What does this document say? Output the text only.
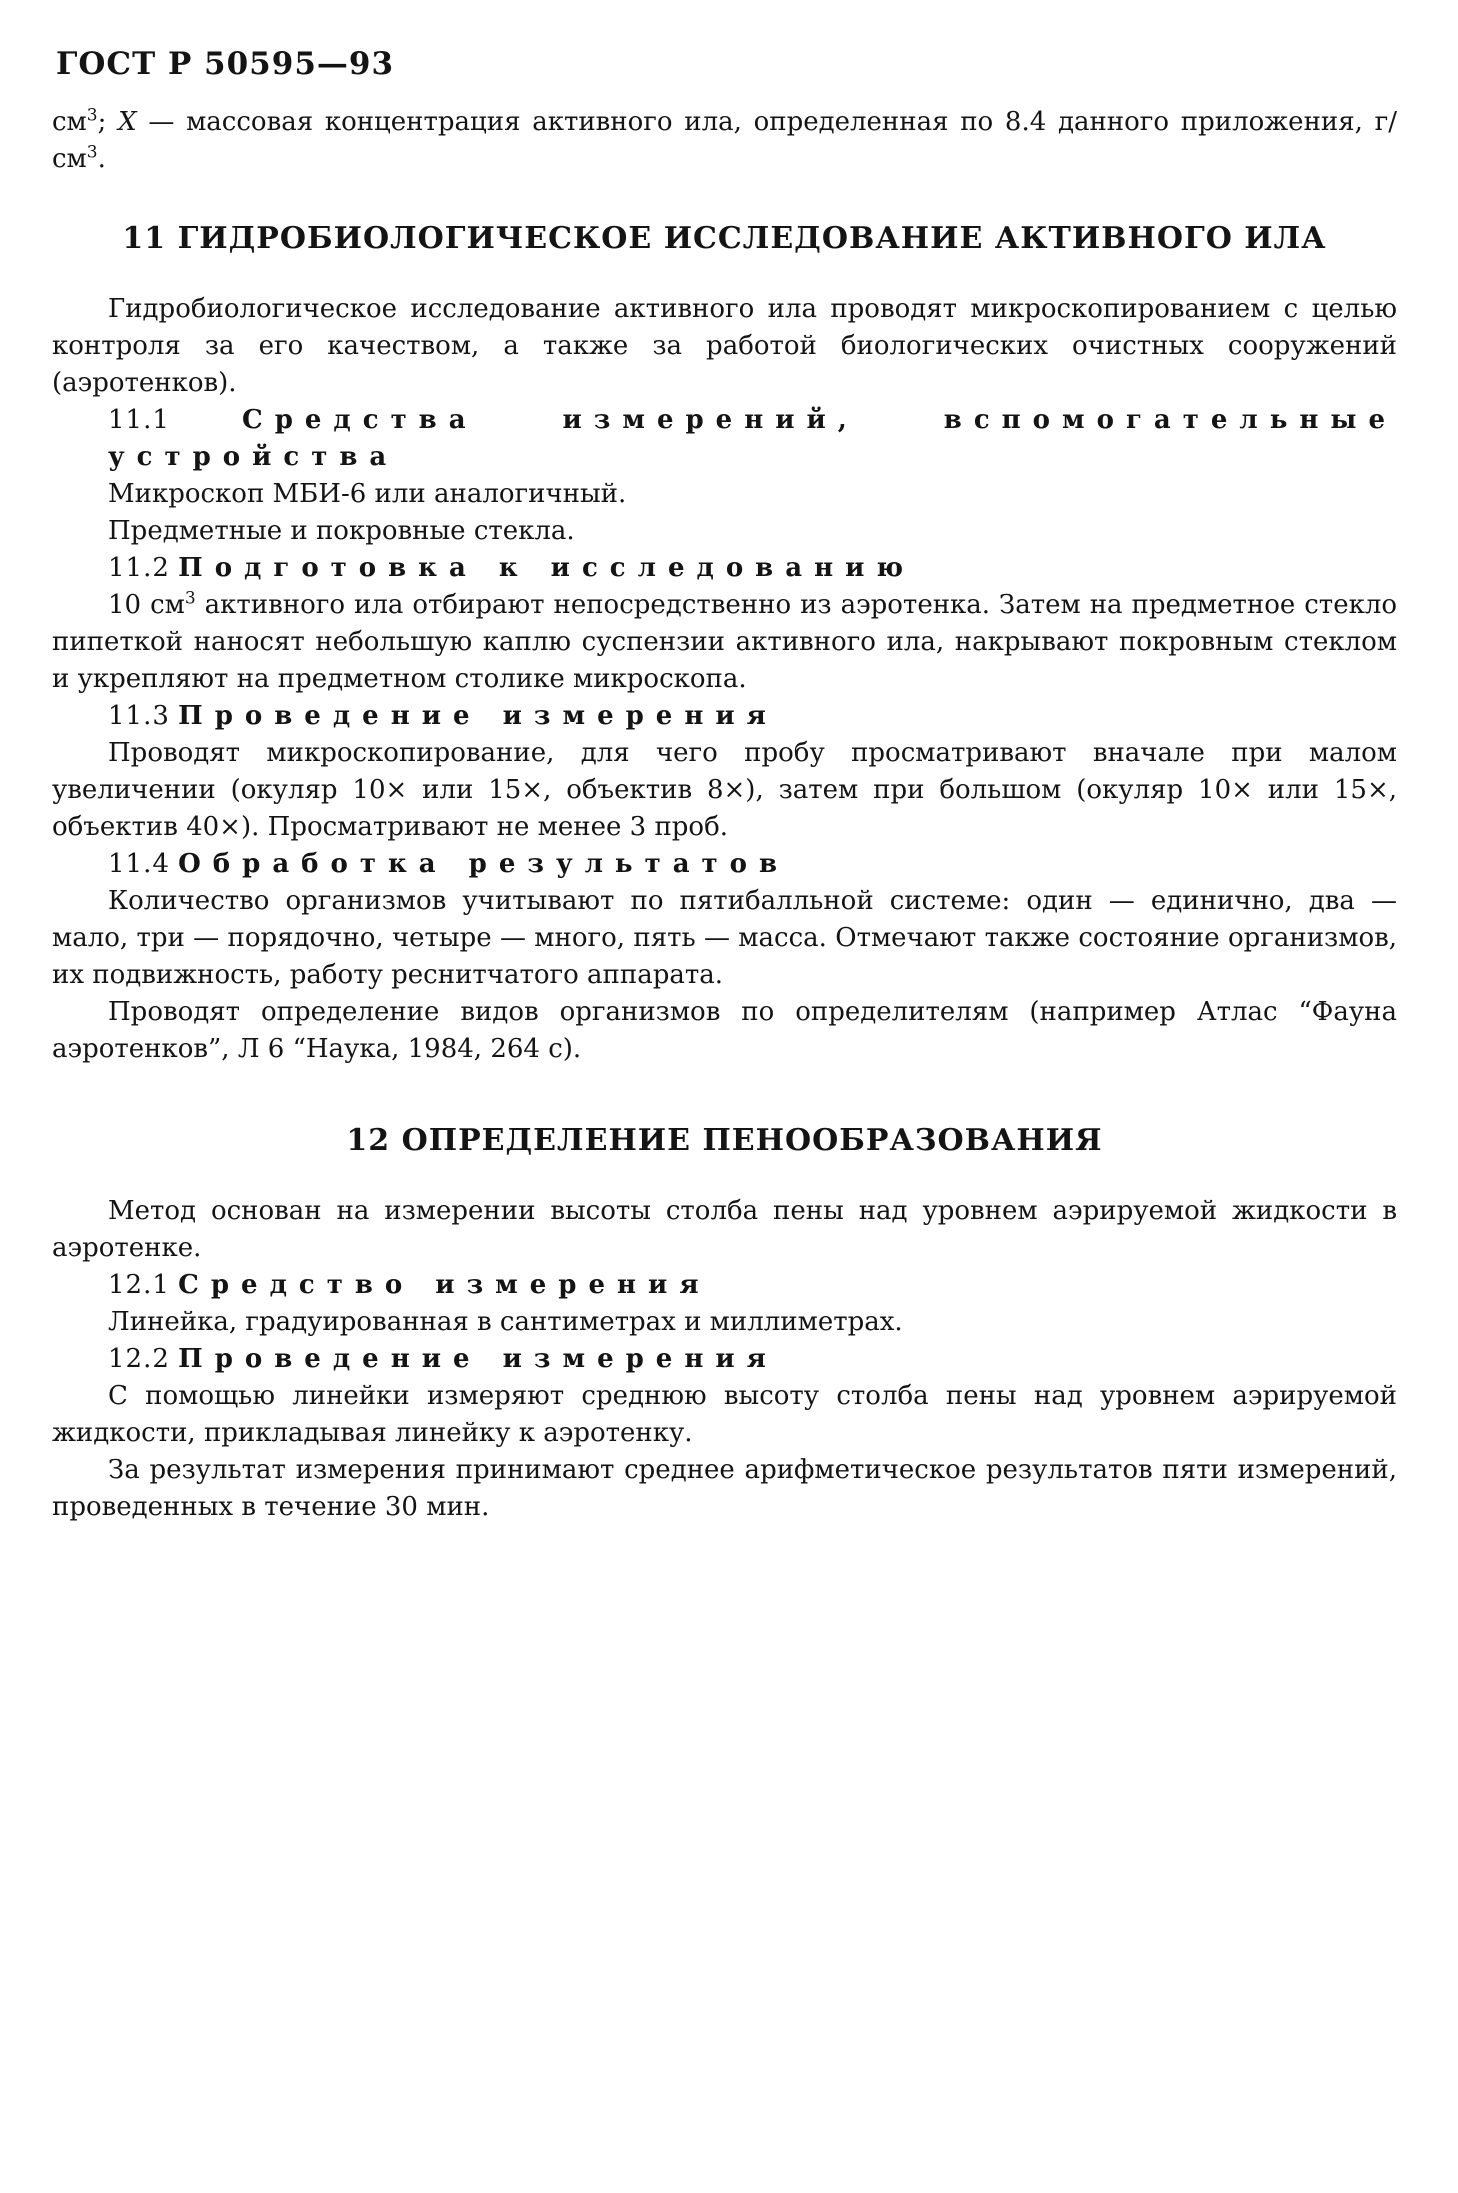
ГОСТ Р 50595—93

$см^3$; X — массовая концентрация активного ила, определенная по 8.4 данного приложения, $г/см^3$.

11 ГИДРОБИОЛОГИЧЕСКОЕ ИССЛЕДОВАНИЕ АКТИВНОГО ИЛА

Гидробиологическое исследование активного ила проводят микроскопированием с целью контроля за его качеством, а также за работой биологических очистных сооружений (аэротенков).

11.1	Средства измерений, вспомогательные устройства

Микроскоп МБИ-6 или аналогичный.

Предметные и покровные стекла.

11.2 Подготовка к исследованию

10 $см^3$ активного ила отбирают непосредственно из аэротенка. Затем на предметное стекло пипеткой наносят небольшую каплю суспензии активного ила, накрывают покровным стеклом и укрепляют на предметном столике микроскопа.

11.3 Проведение измерения

Проводят микроскопирование, для чего пробу просматривают вначале при малом увеличении (окуляр 10× или 15×, объектив 8×), затем при большом (окуляр 10× или 15×, объектив 40×). Просматривают не менее 3 проб.

11.4 Обработка результатов

Количество организмов учитывают по пятибалльной системе: один — единично, два — мало, три — порядочно, четыре — много, пять — масса. Отмечают также состояние организмов, их подвижность, работу реснитчатого аппарата.

Проводят определение видов организмов по определителям (например Атлас “Фауна аэротенков”, Л 6 “Наука, 1984, 264 с).

12 ОПРЕДЕЛЕНИЕ ПЕНООБРАЗОВАНИЯ

Метод основан на измерении высоты столба пены над уровнем аэрируемой жидкости в аэротенке.

12.1 Средство измерения

Линейка, градуированная в сантиметрах и миллиметрах.

12.2 Проведение измерения

С помощью линейки измеряют среднюю высоту столба пены над уровнем аэрируемой жидкости, прикладывая линейку к аэротенку.

За результат измерения принимают среднее арифметическое результатов пяти измерений, проведенных в течение 30 мин.
